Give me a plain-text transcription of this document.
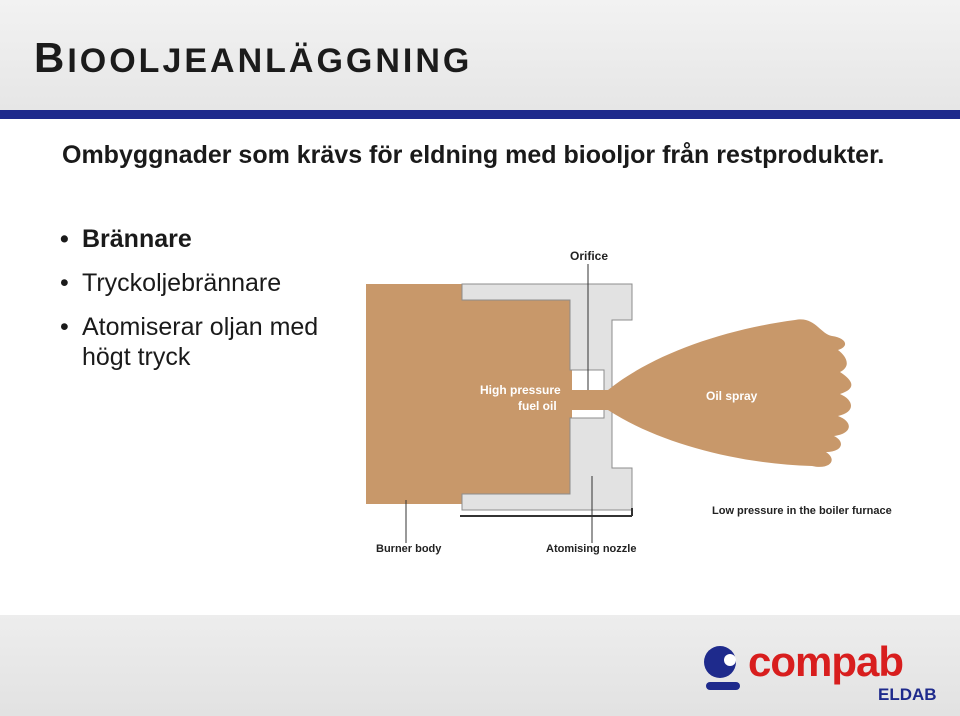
BIOOLJEANLÄGGNING
Ombyggnader som krävs för eldning med biooljor från restprodukter.
• Brännare
• Tryckoljebrännare
• Atomiserar oljan med högt tryck
Orifice
High pressure
fuel oil
Oil spray
Low pressure in the boiler furnace
Burner body	Atomising nozzle
compab
ELDAB
